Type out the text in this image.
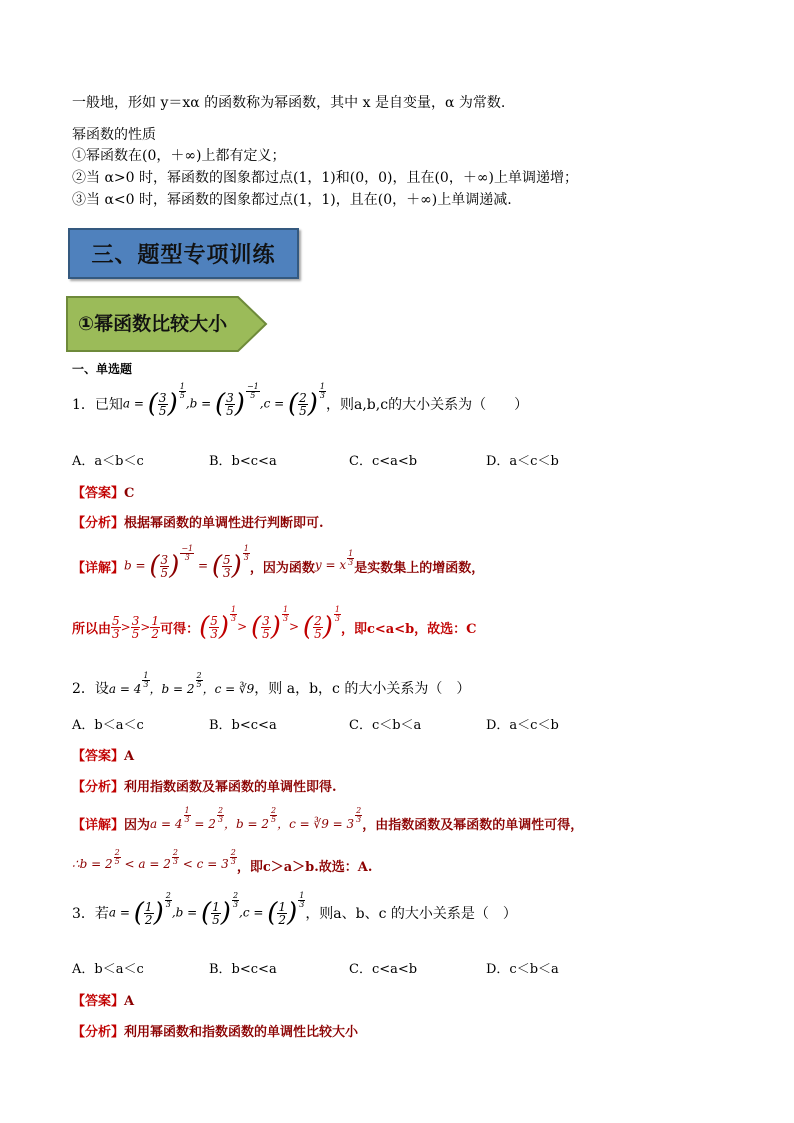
一般地，形如 y＝xα 的函数称为幂函数，其中 x 是自变量，α 为常数.
幂函数的性质
①幂函数在(0，＋∞)上都有定义；
②当 α>0 时，幂函数的图象都过点(1，1)和(0，0)，且在(0，＋∞)上单调递增；
③当 α<0 时，幂函数的图象都过点(1，1)，且在(0，＋∞)上单调递减.
三、题型专项训练
①幂函数比较大小
一、单选题
1．已知 a = ( $\frac{3}{5}$ ) $\frac{1}{5}$
,b = ( $\frac{3}{5}$ ) $\frac{-1}{5}$
,c = ( $\frac{2}{5}$ ) $\frac{1}{3}$
，则a,b,c的大小关系为（　　）
A．a＜b＜c	B．b<c<a	C．c<a<b	D．a＜c＜b
【答案】C
【分析】根据幂函数的单调性进行判断即可.
【详解】 b = ( $\frac{3}{5}$ ) $\frac{-1}{3}$
= ( $\frac{5}{3}$ ) $\frac{1}{3}$
，因为函数 y = x $\frac{1}{3}$
是实数集上的增函数，
所以由 $\frac{5}{3} > \frac{3}{5} > \frac{1}{2}$ 可得： ( $\frac{5}{3}$ ) $\frac{1}{3}$
> ( $\frac{3}{5}$ ) $\frac{1}{3}$
> ( $\frac{2}{5}$ ) $\frac{1}{3}$
，即c<a<b，故选：C
2．设 $a = 4 \frac{1}{3}$ ，$b = 2 \frac{2}{5}$ ，c = ∛9 ，则 a，b，c 的大小关系为（　）
A．b＜a＜c	B．b<c<a	C．c＜b＜a	D．a＜c＜b
【答案】A
【分析】利用指数函数及幂函数的单调性即得.
【详解】 因为 $a = 4 \frac{1}{3} = 2 \frac{2}{3}$ ，$b = 2 \frac{2}{5}$ ，c = ∛9 = $3 \frac{2}{3}$
，由指数函数及幂函数的单调性可得，
∴b = $2 \frac{2}{5} < a = 2 \frac{2}{3} < c = 3 \frac{2}{3}$
，即c＞a＞b.故选：A.
3．若 a = ( $\frac{1}{2}$ ) $\frac{2}{3}$
,b = ( $\frac{1}{5}$ ) $\frac{2}{3}$
,c = ( $\frac{1}{2}$ ) $\frac{1}{3}$
，则a、b、c 的大小关系是（　）
A．b＜a＜c	B．b<c<a	C．c<a<b	D．c＜b＜a
【答案】A
【分析】利用幂函数和指数函数的单调性比较大小
